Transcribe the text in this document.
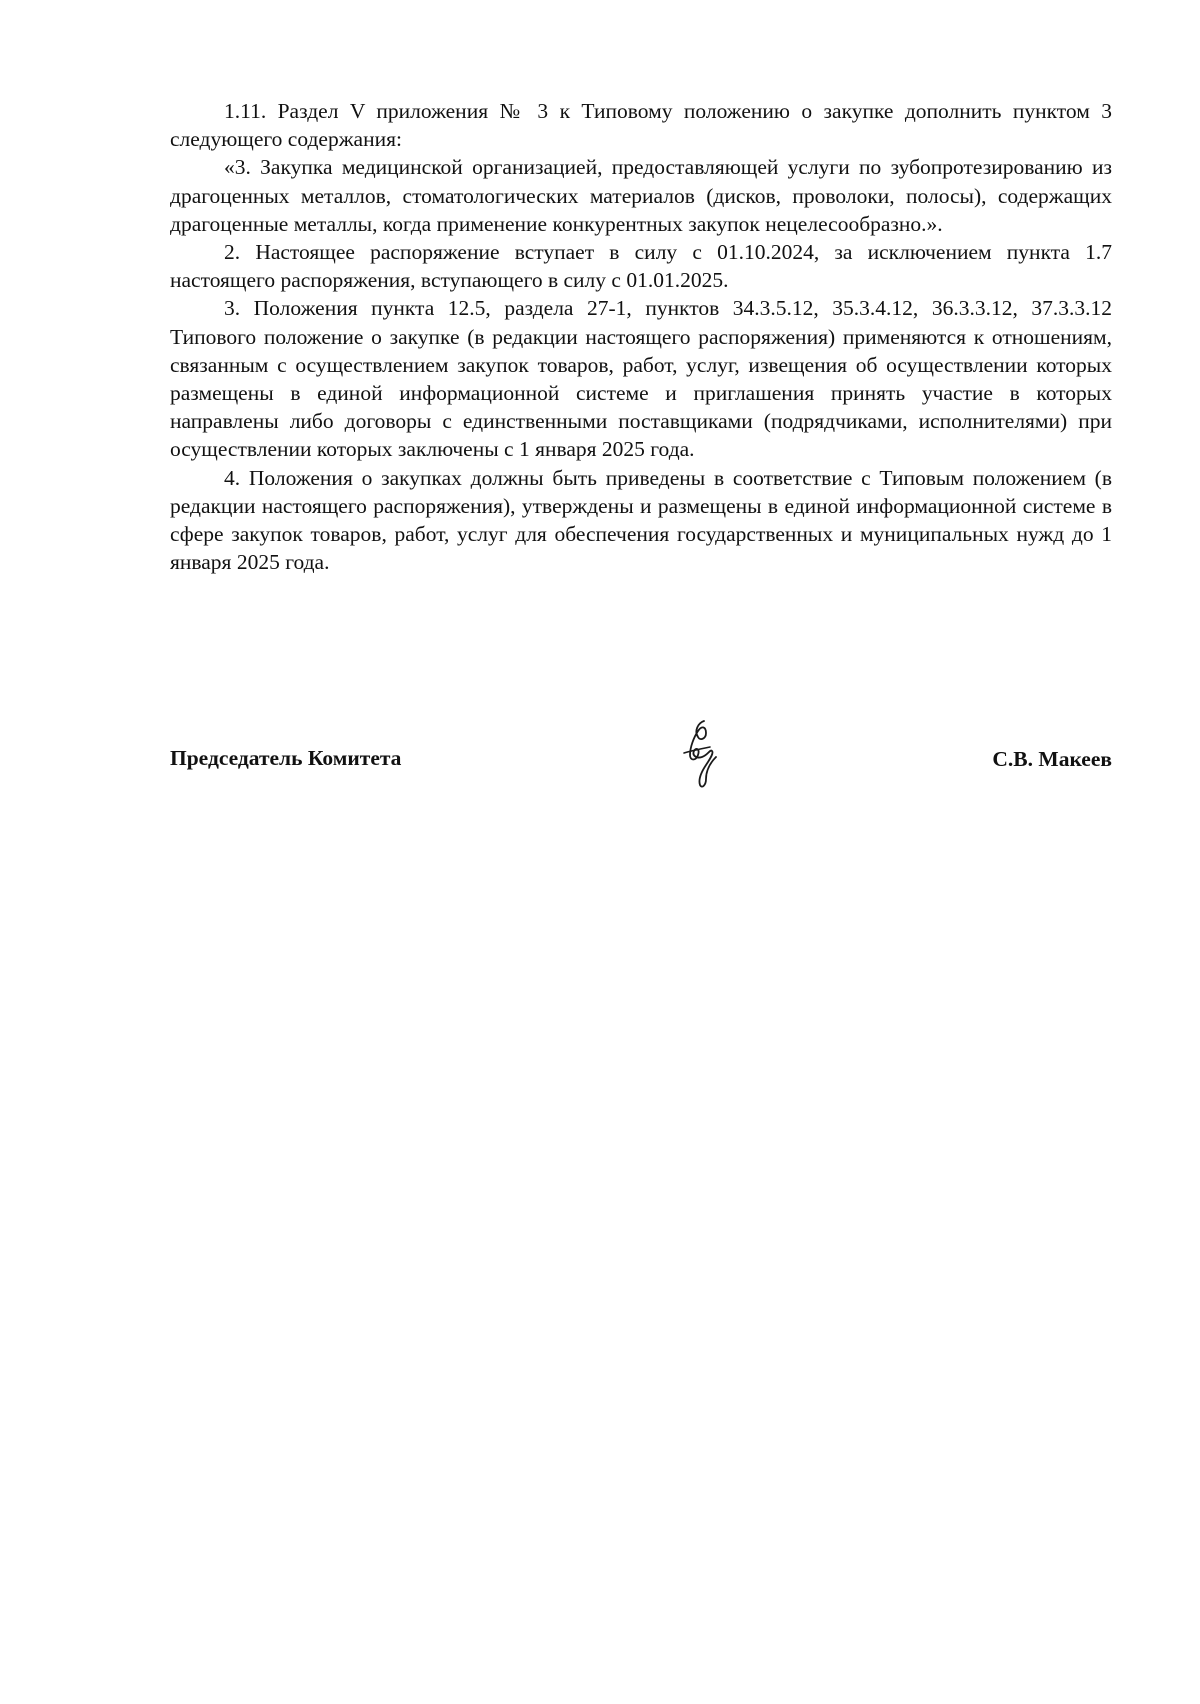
1.11. Раздел V приложения № 3 к Типовому положению о закупке дополнить пунктом 3 следующего содержания:

«3. Закупка медицинской организацией, предоставляющей услуги по зубопротезированию из драгоценных металлов, стоматологических материалов (дисков, проволоки, полосы), содержащих драгоценные металлы, когда применение конкурентных закупок нецелесообразно.».

2. Настоящее распоряжение вступает в силу с 01.10.2024, за исключением пункта 1.7 настоящего распоряжения, вступающего в силу с 01.01.2025.

3. Положения пункта 12.5, раздела 27-1, пунктов 34.3.5.12, 35.3.4.12, 36.3.3.12, 37.3.3.12 Типового положение о закупке (в редакции настоящего распоряжения) применяются к отношениям, связанным с осуществлением закупок товаров, работ, услуг, извещения об осуществлении которых размещены в единой информационной системе и приглашения принять участие в которых направлены либо договоры с единственными поставщиками (подрядчиками, исполнителями) при осуществлении которых заключены с 1 января 2025 года.

4. Положения о закупках должны быть приведены в соответствие с Типовым положением (в редакции настоящего распоряжения), утверждены и размещены в единой информационной системе в сфере закупок товаров, работ, услуг для обеспечения государственных и муниципальных нужд до 1 января 2025 года.

Председатель Комитета	С.В. Макеев
